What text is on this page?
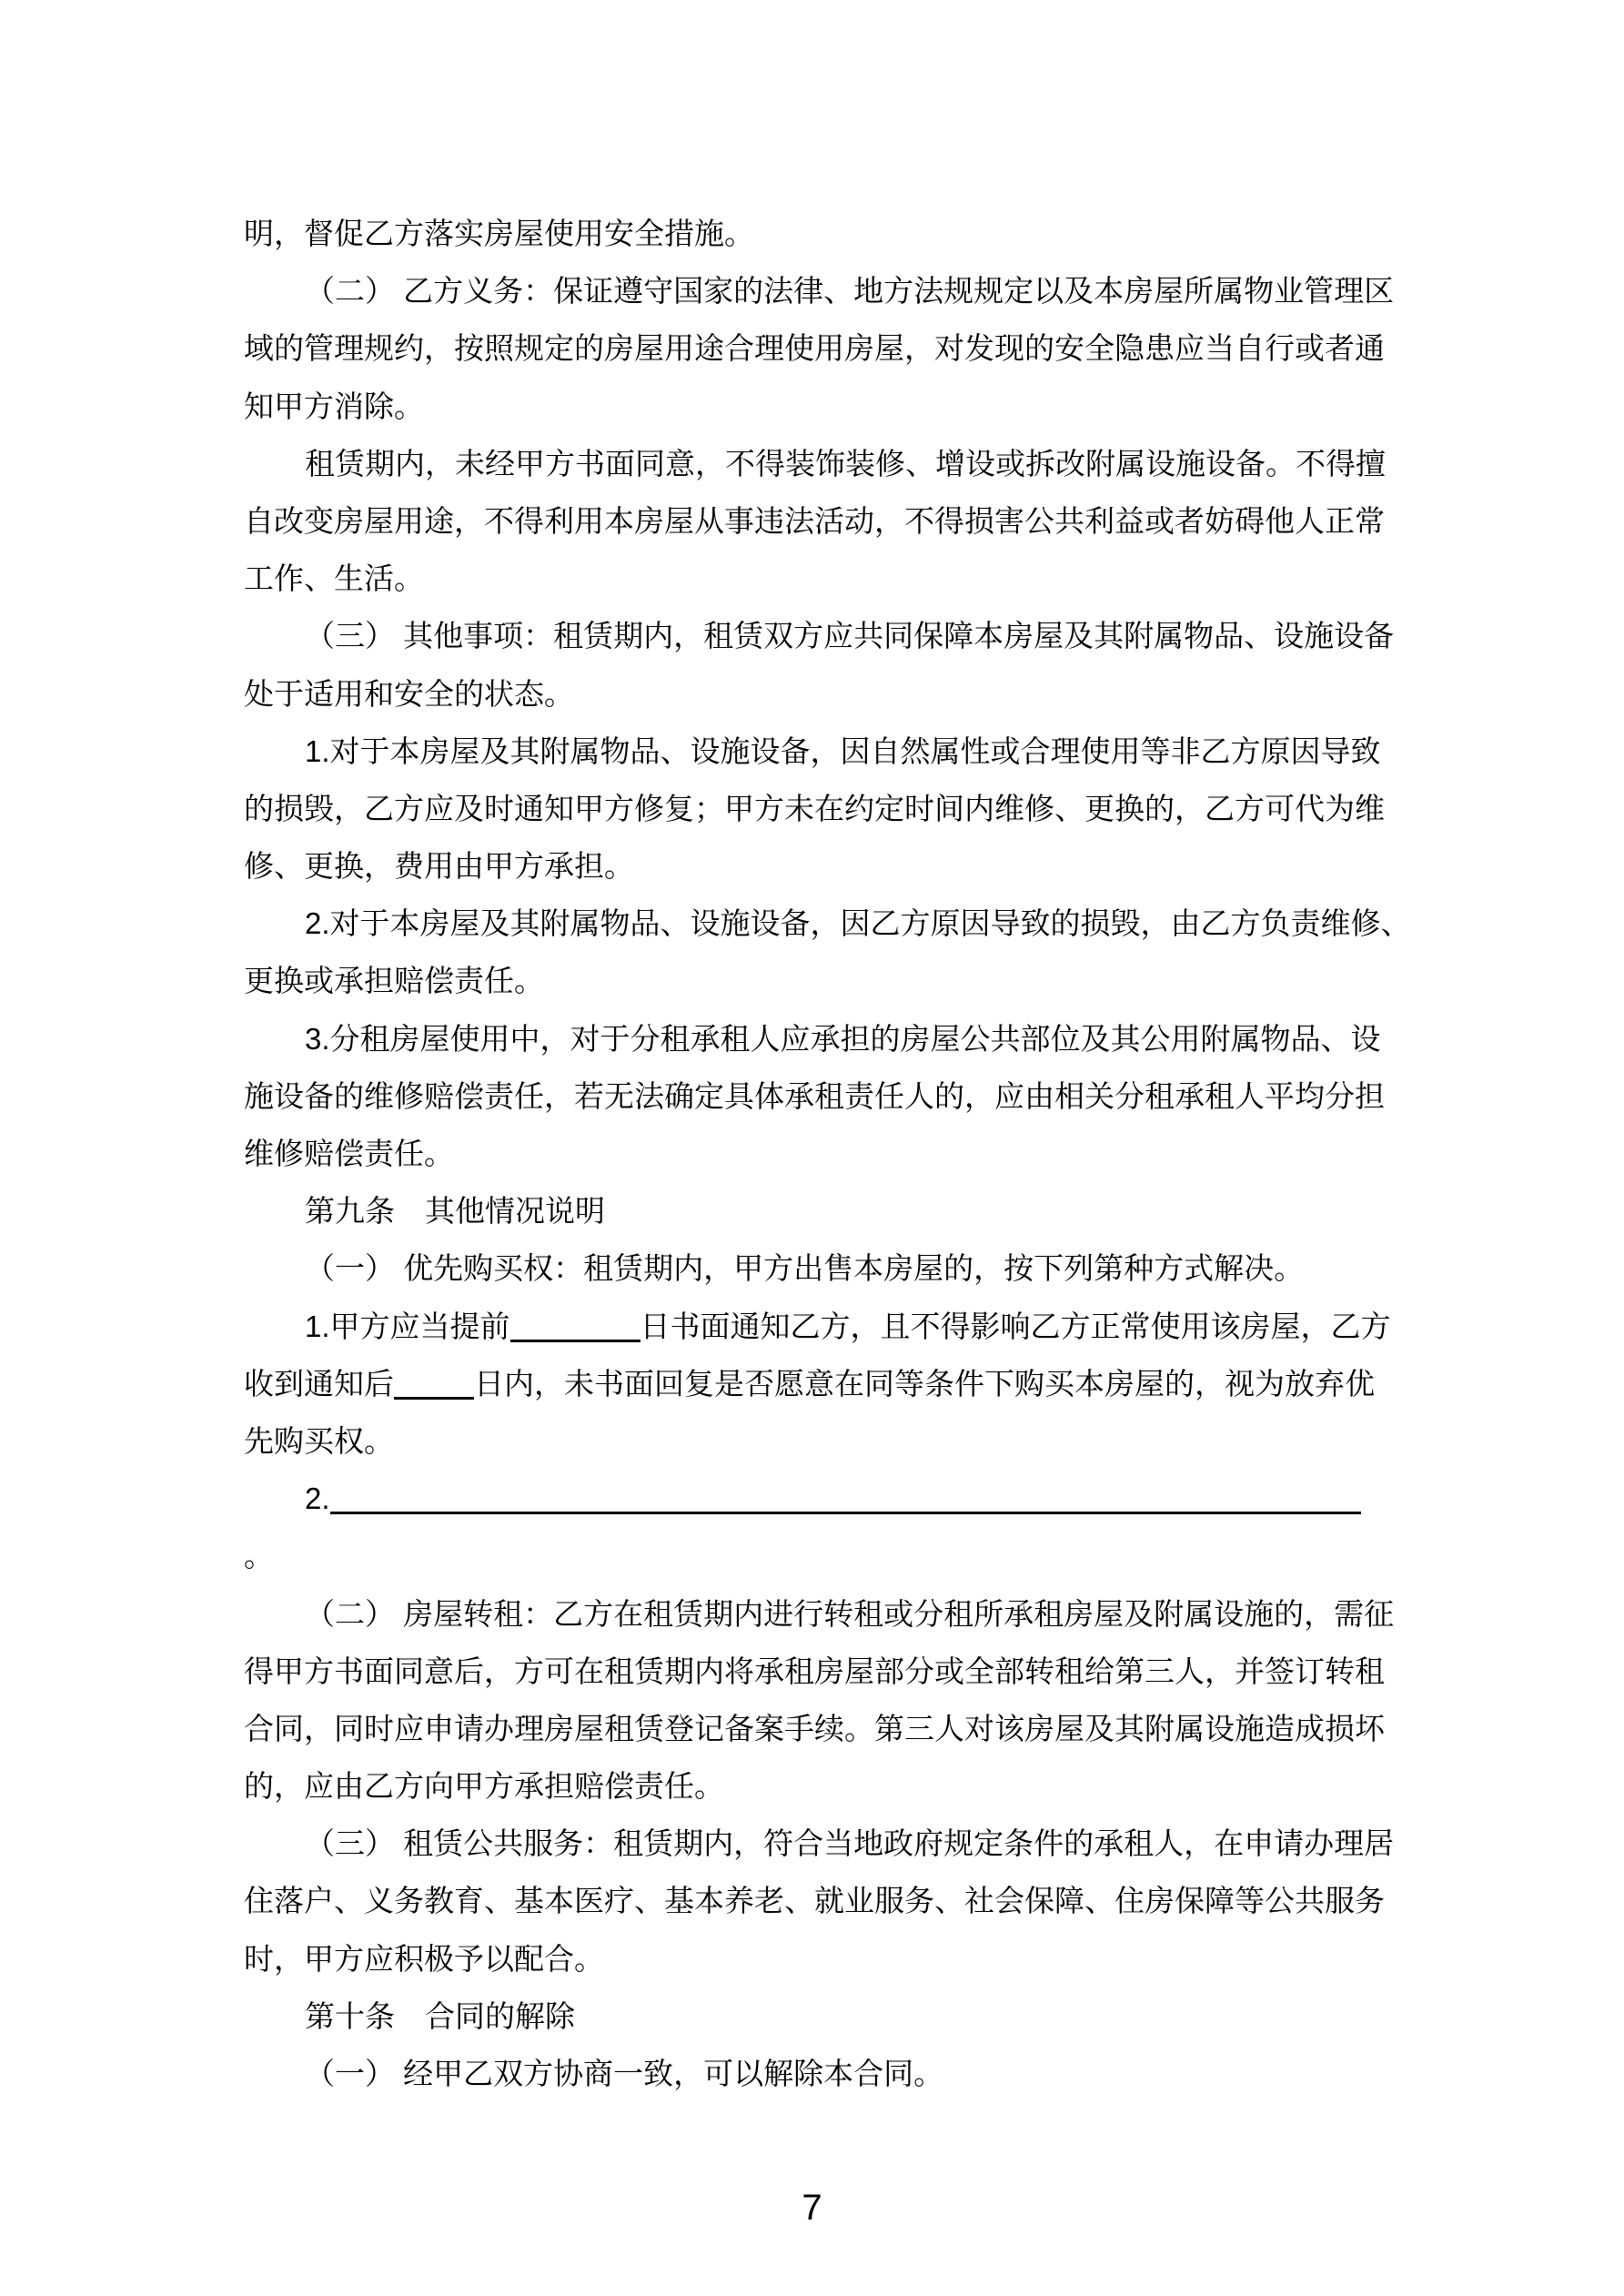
明，督促乙方落实房屋使用安全措施。
（二） 乙方义务：保证遵守国家的法律、地方法规规定以及本房屋所属物业管理区
域的管理规约，按照规定的房屋用途合理使用房屋，对发现的安全隐患应当自行或者通
知甲方消除。
租赁期内，未经甲方书面同意，不得装饰装修、增设或拆改附属设施设备。不得擅
自改变房屋用途，不得利用本房屋从事违法活动，不得损害公共利益或者妨碍他人正常
工作、生活。
（三） 其他事项：租赁期内，租赁双方应共同保障本房屋及其附属物品、设施设备
处于适用和安全的状态。
1.对于本房屋及其附属物品、设施设备，因自然属性或合理使用等非乙方原因导致
的损毁，乙方应及时通知甲方修复；甲方未在约定时间内维修、更换的，乙方可代为维
修、更换，费用由甲方承担。
2.对于本房屋及其附属物品、设施设备，因乙方原因导致的损毁，由乙方负责维修、
更换或承担赔偿责任。
3.分租房屋使用中，对于分租承租人应承担的房屋公共部位及其公用附属物品、设
施设备的维修赔偿责任，若无法确定具体承租责任人的，应由相关分租承租人平均分担
维修赔偿责任。
第九条　其他情况说明
（一） 优先购买权：租赁期内，甲方出售本房屋的，按下列第种方式解决。
1.甲方应当提前	日书面通知乙方，且不得影响乙方正常使用该房屋，乙方
收到通知后	日内，未书面回复是否愿意在同等条件下购买本房屋的，视为放弃优
先购买权。
2.
。
（二） 房屋转租：乙方在租赁期内进行转租或分租所承租房屋及附属设施的，需征
得甲方书面同意后，方可在租赁期内将承租房屋部分或全部转租给第三人，并签订转租
合同，同时应申请办理房屋租赁登记备案手续。第三人对该房屋及其附属设施造成损坏
的，应由乙方向甲方承担赔偿责任。
（三） 租赁公共服务：租赁期内，符合当地政府规定条件的承租人，在申请办理居
住落户、义务教育、基本医疗、基本养老、就业服务、社会保障、住房保障等公共服务
时，甲方应积极予以配合。
第十条　合同的解除
（一） 经甲乙双方协商一致，可以解除本合同。
7
